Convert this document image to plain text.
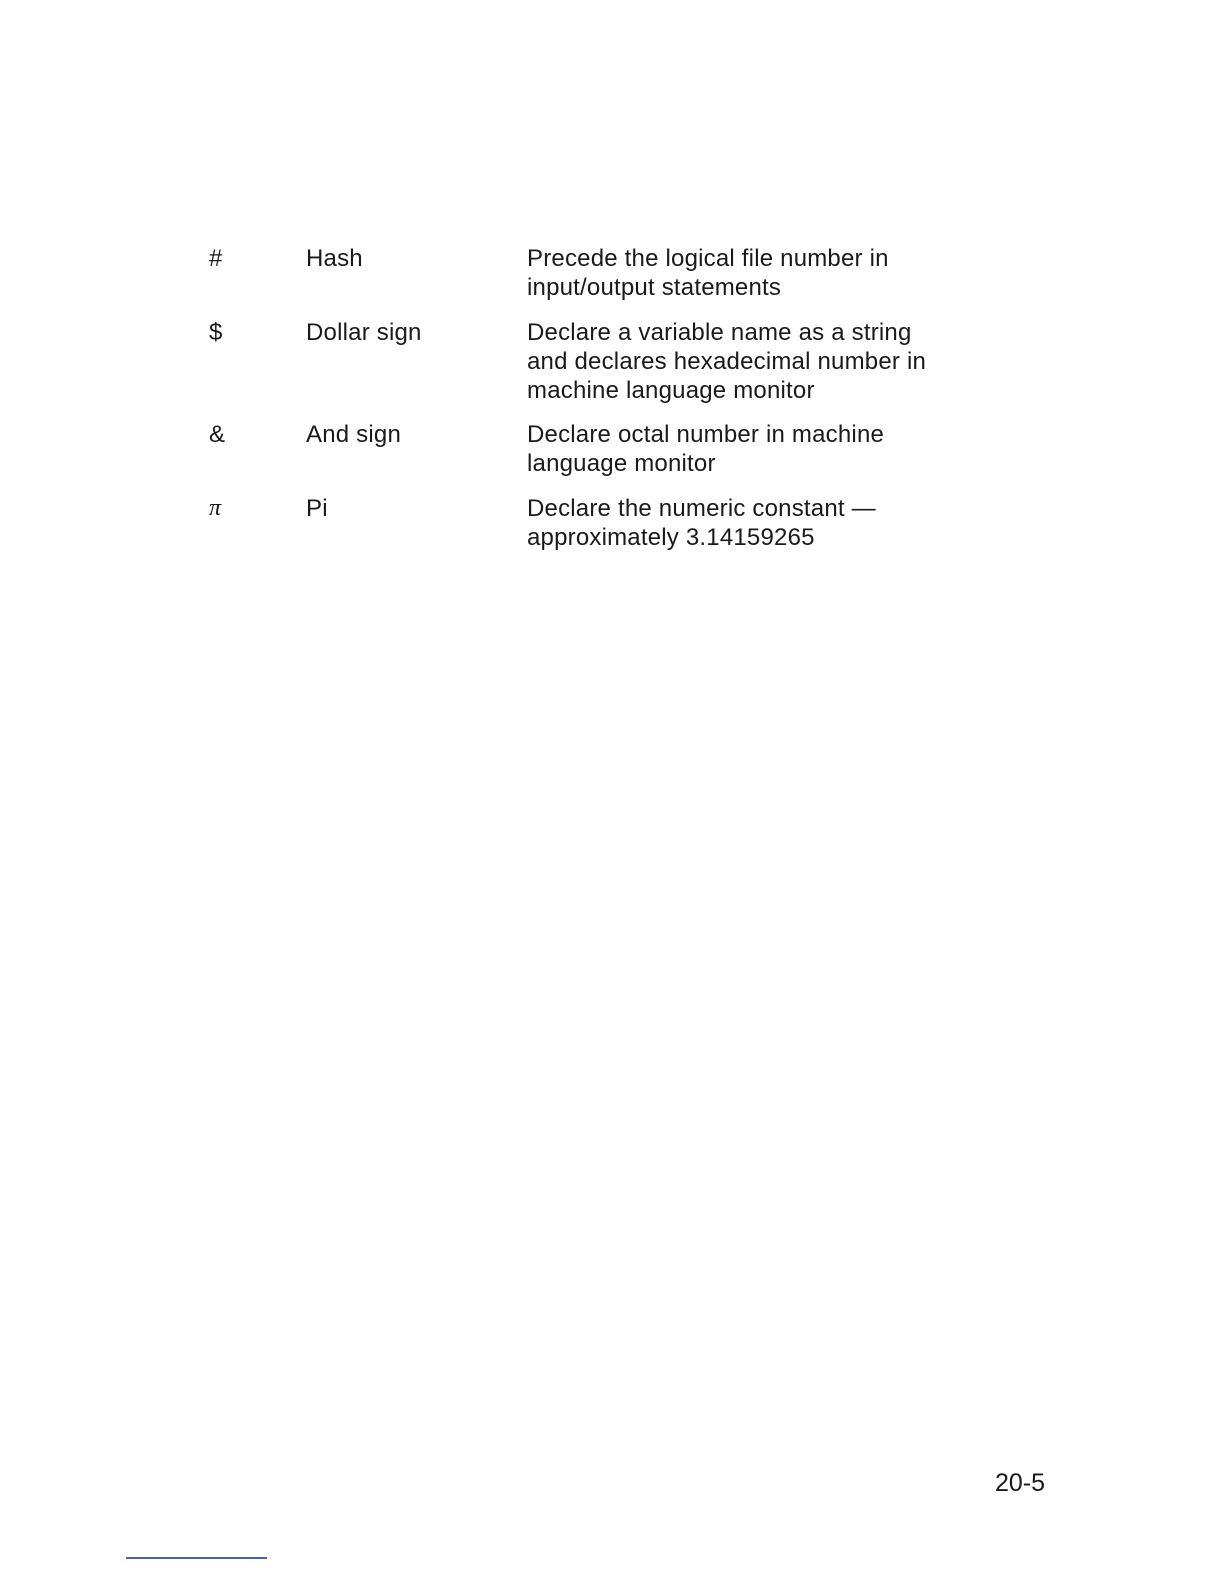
#	Hash	Precede the logical file number in
input/output statements
$	Dollar sign	Declare a variable name as a string
and declares hexadecimal number in
machine language monitor
&	And sign	Declare octal number in machine
language monitor
π	Pi	Declare the numeric constant —
approximately 3.14159265
20-5
